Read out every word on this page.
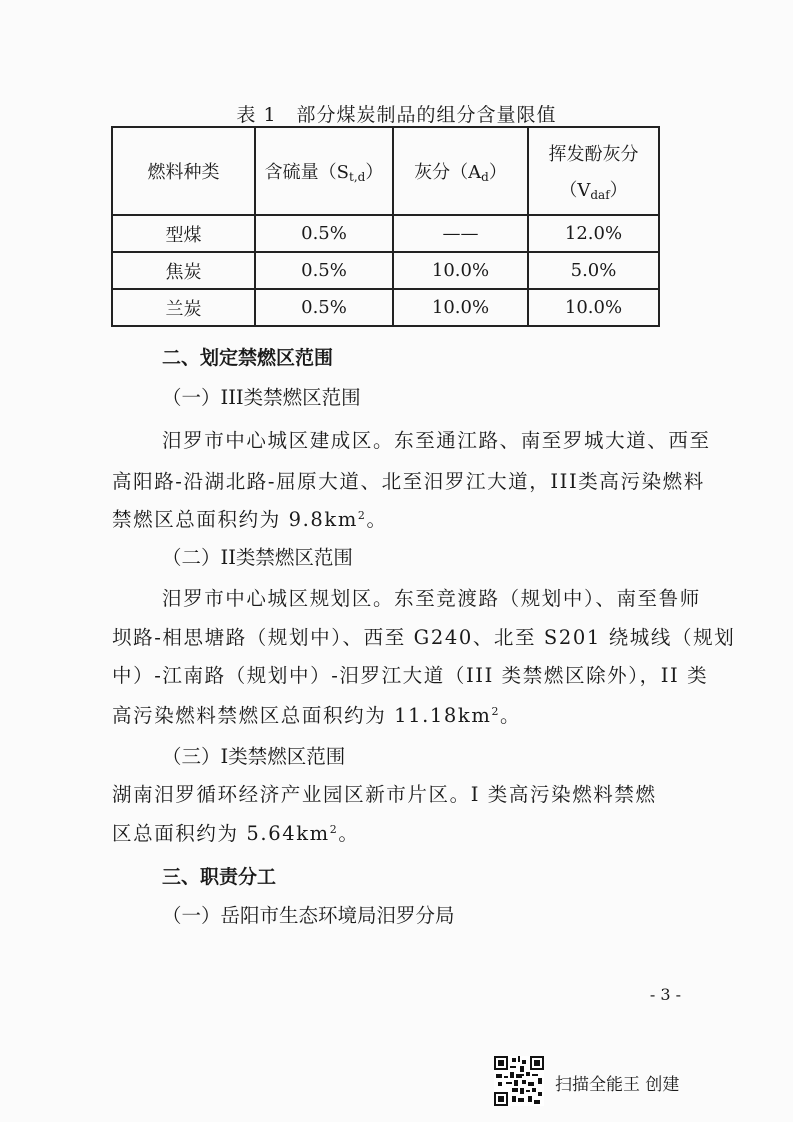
表 1　部分煤炭制品的组分含量限值
燃料种类	含硫量$(S_{t,d})$	灰分$(A_d)$	挥发酚灰分
$(V_{daf})$

型煤	0.5%	——	12.0%
焦炭	0.5%	10.0%	5.0%
兰炭	0.5%	10.0%	10.0%
二、划定禁燃区范围
（一）III类禁燃区范围
汨罗市中心城区建成区。东至通江路、南至罗城大道、西至
高阳路-沿湖北路-屈原大道、北至汨罗江大道，III类高污染燃料
禁燃区总面积约为 $9.8km^2$。
（二）II类禁燃区范围
汨罗市中心城区规划区。东至竞渡路（规划中）、南至鲁师
坝路-相思塘路（规划中）、西至 G240、北至 S201 绕城线（规划
中）-江南路（规划中）-汨罗江大道（III 类禁燃区除外），II 类
高污染燃料禁燃区总面积约为 $11.18km^2$。
（三）I类禁燃区范围
湖南汨罗循环经济产业园区新市片区。I 类高污染燃料禁燃
区总面积约为 $5.64km^2$。
三、职责分工
（一）岳阳市生态环境局汨罗分局
- 3 -
扫描全能王 创建
